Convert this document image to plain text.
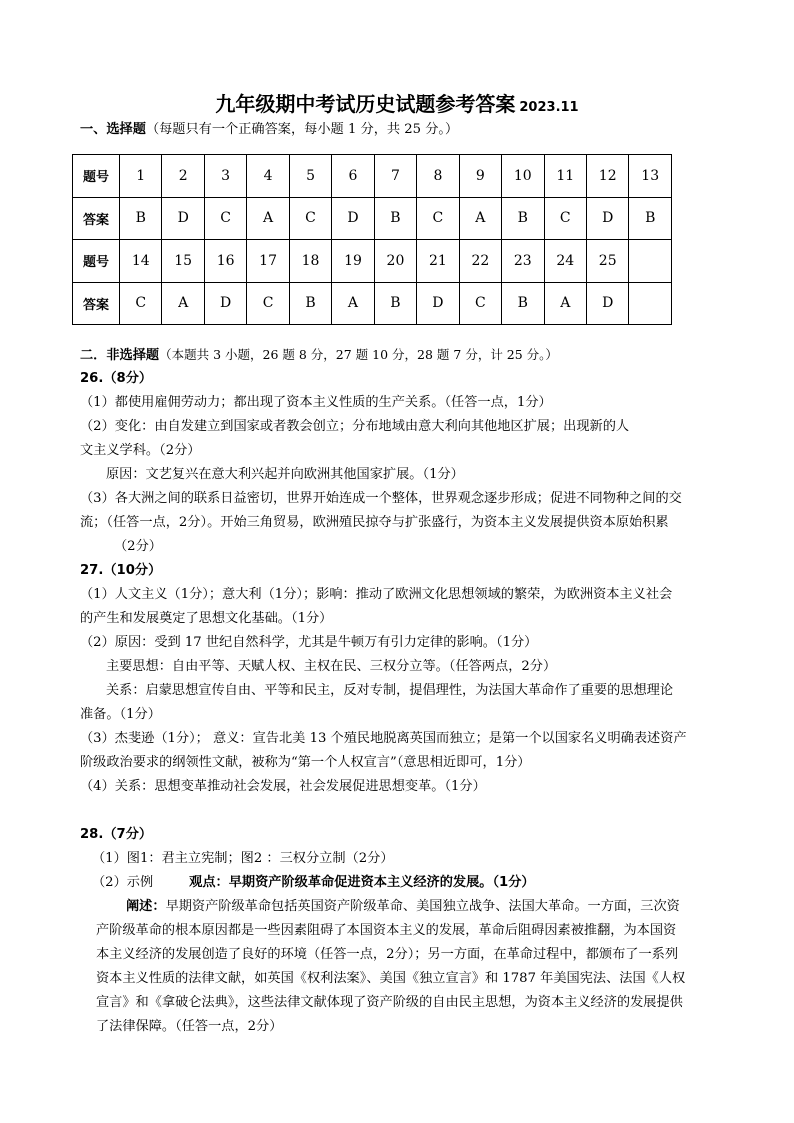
九年级期中考试历史试题参考答案 2023.11
一、选择题（每题只有一个正确答案，每小题 1 分，共 25 分。）
题号	1	2	3	4	5	6	7	8	9	10	11	12	13
答案	B	D	C	A	C	D	B	C	A	B	C	D	B
题号	14	15	16	17	18	19	20	21	22	23	24	25	
答案	C	A	D	C	B	A	B	D	C	B	A	D	
二．非选择题（本题共 3 小题，26 题 8 分，27 题 10 分，28 题 7 分，计 25 分。）
26.（8分）
（1）都使用雇佣劳动力；都出现了资本主义性质的生产关系。（任答一点，1分）
（2）变化：由自发建立到国家或者教会创立；分布地域由意大利向其他地区扩展；出现新的人
文主义学科。（2分）
原因：文艺复兴在意大利兴起并向欧洲其他国家扩展。（1分）
（3）各大洲之间的联系日益密切，世界开始连成一个整体，世界观念逐步形成；促进不同物种之间的交
流；（任答一点，2分）。开始三角贸易，欧洲殖民掠夺与扩张盛行，为资本主义发展提供资本原始积累
（2分）
27.（10分）
（1）人文主义（1分）；意大利（1分）；影响：推动了欧洲文化思想领域的繁荣，为欧洲资本主义社会
的产生和发展奠定了思想文化基础。（1分）
（2）原因：受到 17 世纪自然科学，尤其是牛顿万有引力定律的影响。（1分）
主要思想：自由平等、天赋人权、主权在民、三权分立等。（任答两点，2分）
关系：启蒙思想宣传自由、平等和民主，反对专制，提倡理性，为法国大革命作了重要的思想理论
准备。（1分）
（3）杰斐逊（1分）； 意义：宣告北美 13 个殖民地脱离英国而独立；是第一个以国家名义明确表述资产
阶级政治要求的纲领性文献，被称为“第一个人权宣言”（意思相近即可，1分）
（4）关系：思想变革推动社会发展，社会发展促进思想变革。（1分）
28.（7分）
（1）图1：君主立宪制；图2 ：三权分立制（2分）
（2）示例	观点：早期资产阶级革命促进资本主义经济的发展。（1分）
阐述：早期资产阶级革命包括英国资产阶级革命、美国独立战争、法国大革命。一方面，三次资
产阶级革命的根本原因都是一些因素阻碍了本国资本主义的发展，革命后阻碍因素被推翻，为本国资
本主义经济的发展创造了良好的环境（任答一点，2分）；另一方面，在革命过程中，都颁布了一系列
资本主义性质的法律文献，如英国《权利法案》、美国《独立宣言》和 1787 年美国宪法、法国《人权
宣言》和《拿破仑法典》，这些法律文献体现了资产阶级的自由民主思想，为资本主义经济的发展提供
了法律保障。（任答一点，2分）
